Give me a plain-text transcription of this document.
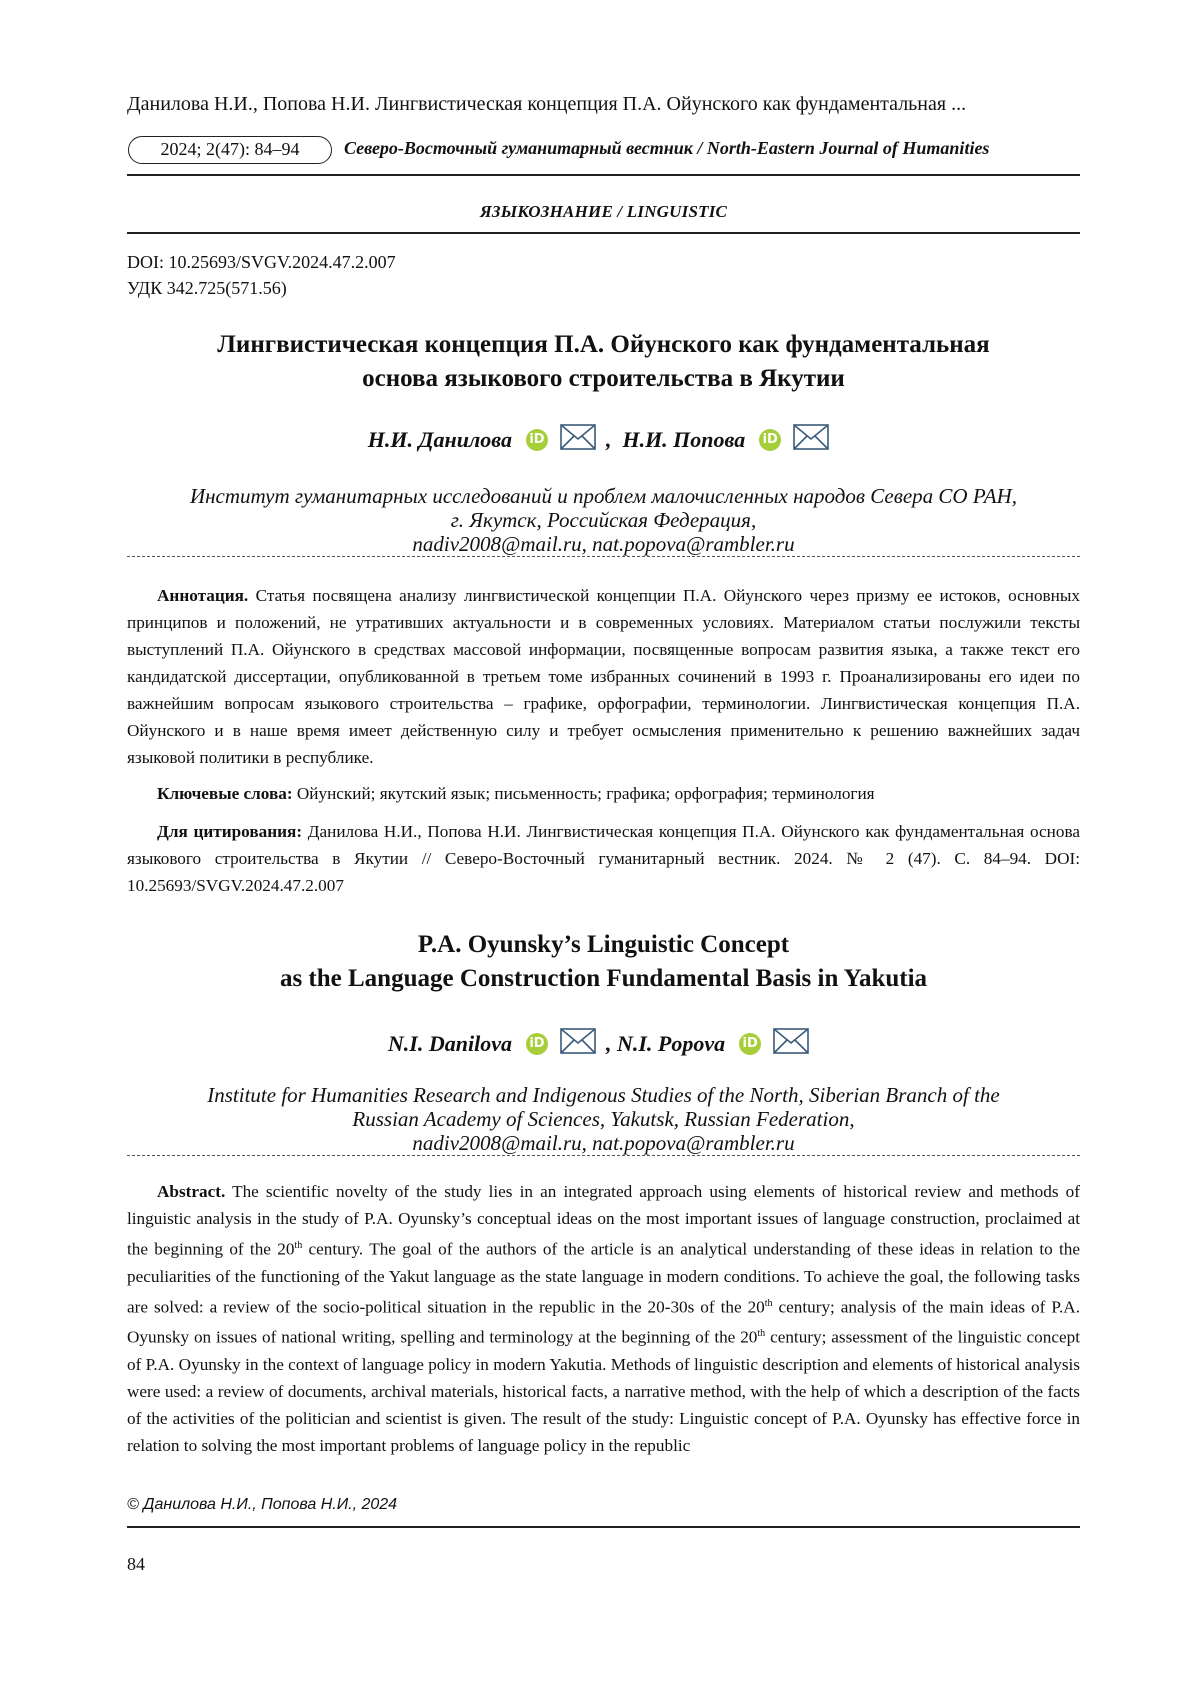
Данилова Н.И., Попова Н.И. Лингвистическая концепция П.А. Ойунского как фундаментальная ...
2024; 2(47): 84–94	Северо-Восточный гуманитарный вестник / North-Eastern Journal of Humanities
ЯЗЫКОЗНАНИЕ / LINGUISTIC
DOI: 10.25693/SVGV.2024.47.2.007
УДК 342.725(571.56)
Лингвистическая концепция П.А. Ойунского как фундаментальная
основа языкового строительства в Якутии
Н.И. Данилова iD	, Н.И. Попова iD
Институт гуманитарных исследований и проблем малочисленных народов Севера СО РАН,
г. Якутск, Российская Федерация,
nadiv2008@mail.ru, nat.popova@rambler.ru
Аннотация. Статья посвящена анализу лингвистической концепции П.А. Ойунского через призму ее истоков, основных принципов и положений, не утративших актуальности и в современных условиях. Материалом статьи послужили тексты выступлений П.А. Ойунского в средствах массовой информации, посвященные вопросам развития языка, а также текст его кандидатской диссертации, опубликованной в третьем томе избранных сочинений в 1993 г. Проанализированы его идеи по важнейшим вопросам языкового строительства – графике, орфографии, терминологии. Лингвистическая концепция П.А. Ойунского и в наше время имеет действенную силу и требует осмысления применительно к решению важнейших задач языковой политики в республике.
Ключевые слова: Ойунский; якутский язык; письменность; графика; орфография; терминология
Для цитирования: Данилова Н.И., Попова Н.И. Лингвистическая концепция П.А. Ойунского как фундаментальная основа языкового строительства в Якутии // Северо-Восточный гуманитарный вестник. 2024. № 2 (47). С. 84–94. DOI: 10.25693/SVGV.2024.47.2.007
P.A. Oyunsky’s Linguistic Concept
as the Language Construction Fundamental Basis in Yakutia
N.I. Danilova iD	, N.I. Popova iD
Institute for Humanities Research and Indigenous Studies of the North, Siberian Branch of the
Russian Academy of Sciences, Yakutsk, Russian Federation,
nadiv2008@mail.ru, nat.popova@rambler.ru
Abstract. The scientific novelty of the study lies in an integrated approach using elements of historical review and methods of linguistic analysis in the study of P.A. Oyunsky’s conceptual ideas on the most important issues of language construction, proclaimed at the beginning of the 20th century. The goal of the authors of the article is an analytical understanding of these ideas in relation to the peculiarities of the functioning of the Yakut language as the state language in modern conditions. To achieve the goal, the following tasks are solved: a review of the socio-political situation in the republic in the 20-30s of the 20th century; analysis of the main ideas of P.A. Oyunsky on issues of national writing, spelling and terminology at the beginning of the 20th century; assessment of the linguistic concept of P.A. Oyunsky in the context of language policy in modern Yakutia. Methods of linguistic description and elements of historical analysis were used: a review of documents, archival materials, historical facts, a narrative method, with the help of which a description of the facts of the activities of the politician and scientist is given. The result of the study: Linguistic concept of P.A. Oyunsky has effective force in relation to solving the most important problems of language policy in the republic
© Данилова Н.И., Попова Н.И., 2024
84
